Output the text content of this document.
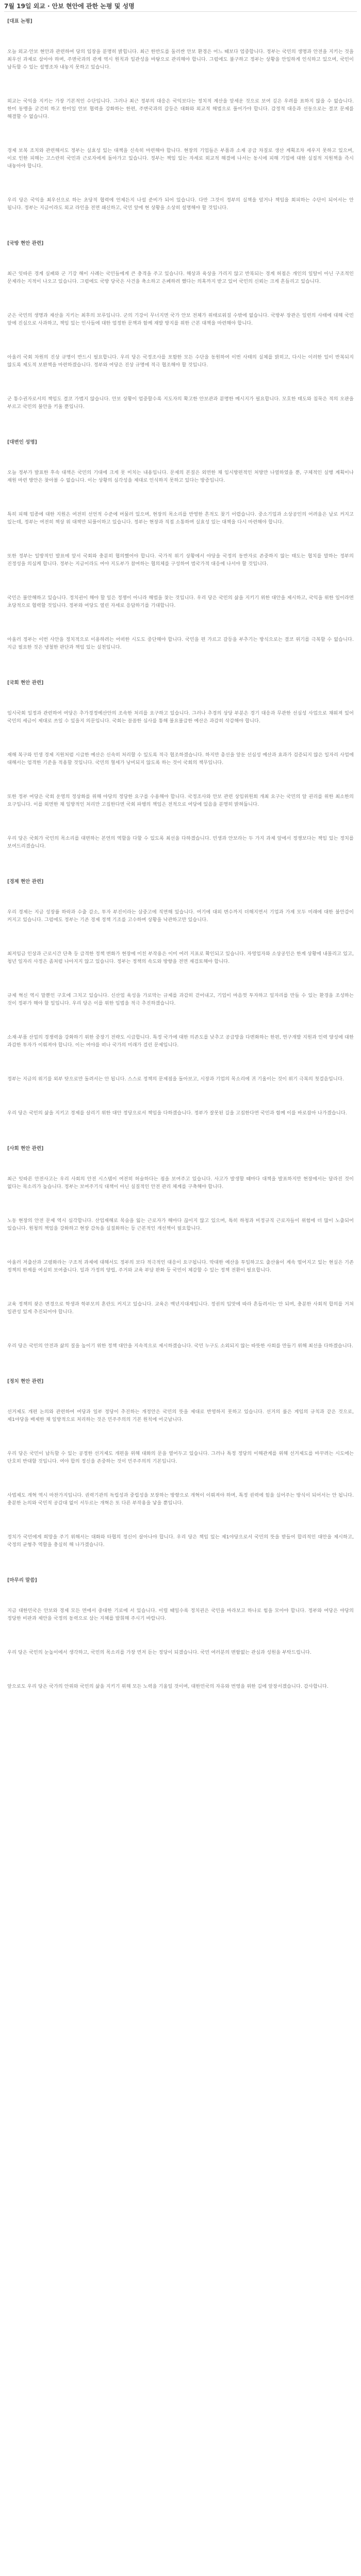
7월 19일 외교 · 안보 현안에 관한 논평 및 성명
[대표 논평]

오늘 외교·안보 현안과 관련하여 당의 입장을 분명히 밝힙니다. 최근 한반도를 둘러싼 안보 환경은 어느 때보다 엄중합니다. 정부는 국민의 생명과 안전을 지키는 것을 최우선 과제로 삼아야 하며, 주변국과의 관계 역시 원칙과 일관성을 바탕으로 관리해야 합니다. 그럼에도 불구하고 정부는 상황을 안일하게 인식하고 있으며, 국민이 납득할 수 있는 설명조차 내놓지 못하고 있습니다.

외교는 국익을 지키는 가장 기본적인 수단입니다. 그러나 최근 정부의 대응은 국익보다는 정치적 계산을 앞세운 것으로 보여 깊은 우려를 표하지 않을 수 없습니다. 한미 동맹을 굳건히 하고 한미일 안보 협력을 강화하는 한편, 주변국과의 갈등은 대화와 외교적 해법으로 풀어가야 합니다. 감정적 대응과 선동으로는 결코 문제를 해결할 수 없습니다.

경제 보복 조치와 관련해서도 정부는 실효성 있는 대책을 신속히 마련해야 합니다. 현장의 기업들은 부품과 소재 공급 차질로 생산 계획조차 세우지 못하고 있으며, 이로 인한 피해는 고스란히 국민과 근로자에게 돌아가고 있습니다. 정부는 책임 있는 자세로 외교적 해결에 나서는 동시에 피해 기업에 대한 실질적 지원책을 즉시 내놓아야 합니다.

우리 당은 국익을 최우선으로 하는 초당적 협력에 언제든지 나설 준비가 되어 있습니다. 다만 그것이 정부의 실책을 덮거나 책임을 회피하는 수단이 되어서는 안 됩니다. 정부는 지금이라도 외교 라인을 전면 쇄신하고, 국민 앞에 현 상황을 소상히 설명해야 할 것입니다.

[국방 현안 관련]

최근 잇따른 경계 실패와 군 기강 해이 사례는 국민들에게 큰 충격을 주고 있습니다. 해상과 육상을 가리지 않고 반복되는 경계 허점은 개인의 일탈이 아닌 구조적인 문제라는 지적이 나오고 있습니다. 그럼에도 국방 당국은 사건을 축소하고 은폐하려 했다는 의혹까지 받고 있어 국민의 신뢰는 크게 흔들리고 있습니다.

군은 국민의 생명과 재산을 지키는 최후의 보루입니다. 군의 기강이 무너지면 국가 안보 전체가 위태로워질 수밖에 없습니다. 국방부 장관은 일련의 사태에 대해 국민 앞에 진심으로 사과하고, 책임 있는 인사들에 대한 엄정한 문책과 함께 재발 방지를 위한 근본 대책을 마련해야 합니다.

아울러 국회 차원의 진상 규명이 반드시 필요합니다. 우리 당은 국정조사를 포함한 모든 수단을 동원하여 이번 사태의 실체를 밝히고, 다시는 이러한 일이 반복되지 않도록 제도적 보완책을 마련하겠습니다. 정부와 여당은 진상 규명에 적극 협조해야 할 것입니다.

군 통수권자로서의 책임도 결코 가볍지 않습니다. 안보 상황이 엄중할수록 지도자의 확고한 안보관과 분명한 메시지가 필요합니다. 모호한 태도와 침묵은 적의 오판을 부르고 국민의 불안을 키울 뿐입니다.

[대변인 성명]

오늘 정부가 발표한 후속 대책은 국민의 기대에 크게 못 미치는 내용입니다. 문제의 본질은 외면한 채 임시방편적인 처방만 나열하였을 뿐, 구체적인 실행 계획이나 재원 마련 방안은 찾아볼 수 없습니다. 이는 상황의 심각성을 제대로 인식하지 못하고 있다는 방증입니다.

특히 피해 업종에 대한 지원은 여전히 선언적 수준에 머물러 있으며, 현장의 목소리를 반영한 흔적도 찾기 어렵습니다. 중소기업과 소상공인의 어려움은 날로 커지고 있는데, 정부는 여전히 책상 위 대책만 되풀이하고 있습니다. 정부는 현장과 직접 소통하며 실효성 있는 대책을 다시 마련해야 합니다.

또한 정부는 일방적인 발표에 앞서 국회와 충분히 협의했어야 합니다. 국가적 위기 상황에서 야당을 국정의 동반자로 존중하지 않는 태도는 협치를 말하는 정부의 진정성을 의심케 합니다. 정부는 지금이라도 여야 지도부가 참여하는 협의체를 구성하여 범국가적 대응에 나서야 할 것입니다.

국민은 불안해하고 있습니다. 정치권이 해야 할 일은 정쟁이 아니라 해법을 찾는 것입니다. 우리 당은 국민의 삶을 지키기 위한 대안을 제시하고, 국익을 위한 일이라면 초당적으로 협력할 것입니다. 정부와 여당도 열린 자세로 응답하기를 기대합니다.

아울러 정부는 이번 사안을 정치적으로 이용하려는 어떠한 시도도 중단해야 합니다. 국민을 편 가르고 갈등을 부추기는 방식으로는 결코 위기를 극복할 수 없습니다. 지금 필요한 것은 냉철한 판단과 책임 있는 실천입니다.

[국회 현안 관련]

임시국회 일정과 관련하여 여당은 추가경정예산안의 조속한 처리를 요구하고 있습니다. 그러나 추경의 상당 부분은 경기 대응과 무관한 선심성 사업으로 채워져 있어 국민의 세금이 제대로 쓰일 수 있을지 의문입니다. 국회는 꼼꼼한 심사를 통해 불요불급한 예산은 과감히 삭감해야 합니다.

재해 복구와 민생 경제 지원처럼 시급한 예산은 신속히 처리할 수 있도록 적극 협조하겠습니다. 하지만 총선을 앞둔 선심성 예산과 효과가 검증되지 않은 일자리 사업에 대해서는 엄격한 기준을 적용할 것입니다. 국민의 혈세가 낭비되지 않도록 하는 것이 국회의 책무입니다.

또한 정부 여당은 국회 운영의 정상화를 위해 야당의 정당한 요구를 수용해야 합니다. 국정조사와 안보 관련 상임위원회 개최 요구는 국민의 알 권리를 위한 최소한의 요구입니다. 이를 외면한 채 일방적인 처리만 고집한다면 국회 파행의 책임은 전적으로 여당에 있음을 분명히 밝혀둡니다.

우리 당은 국회가 국민의 목소리를 대변하는 본연의 역할을 다할 수 있도록 최선을 다하겠습니다. 민생과 안보라는 두 가지 과제 앞에서 정쟁보다는 책임 있는 정치를 보여드리겠습니다.

[경제 현안 관련]

우리 경제는 지금 성장률 하락과 수출 감소, 투자 부진이라는 삼중고에 직면해 있습니다. 여기에 대외 변수까지 더해지면서 기업과 가계 모두 미래에 대한 불안감이 커지고 있습니다. 그럼에도 정부는 기존 경제 정책 기조를 고수하며 상황을 낙관하고만 있습니다.

최저임금 인상과 근로시간 단축 등 급격한 정책 변화가 현장에 미친 부작용은 이미 여러 지표로 확인되고 있습니다. 자영업자와 소상공인은 한계 상황에 내몰리고 있고, 청년 일자리 사정은 좀처럼 나아지지 않고 있습니다. 정부는 정책의 속도와 방향을 전면 재검토해야 합니다.

규제 혁신 역시 말뿐인 구호에 그치고 있습니다. 신산업 육성을 가로막는 규제를 과감히 걷어내고, 기업이 마음껏 투자하고 일자리를 만들 수 있는 환경을 조성하는 것이 정부가 해야 할 일입니다. 우리 당은 이를 위한 입법을 적극 추진하겠습니다.

소재·부품 산업의 경쟁력을 강화하기 위한 중장기 전략도 시급합니다. 특정 국가에 대한 의존도를 낮추고 공급망을 다변화하는 한편, 연구개발 지원과 인력 양성에 대한 과감한 투자가 이뤄져야 합니다. 이는 여야를 떠나 국가의 미래가 걸린 문제입니다.

정부는 지금의 위기를 외부 탓으로만 돌려서는 안 됩니다. 스스로 정책의 문제점을 돌아보고, 시장과 기업의 목소리에 귀 기울이는 것이 위기 극복의 첫걸음입니다.

우리 당은 국민의 삶을 지키고 경제를 살리기 위한 대안 정당으로서 책임을 다하겠습니다. 정부가 잘못된 길을 고집한다면 국민과 함께 이를 바로잡아 나가겠습니다.

[사회 현안 관련]

최근 잇따른 안전사고는 우리 사회의 안전 시스템이 여전히 허술하다는 점을 보여주고 있습니다. 사고가 발생할 때마다 대책을 발표하지만 현장에서는 달라진 것이 없다는 목소리가 높습니다. 정부는 보여주기식 대책이 아닌 실질적인 안전 관리 체계를 구축해야 합니다.

노동 현장의 안전 문제 역시 심각합니다. 산업재해로 목숨을 잃는 근로자가 해마다 끊이지 않고 있으며, 특히 하청과 비정규직 근로자들이 위험에 더 많이 노출되어 있습니다. 원청의 책임을 강화하고 현장 감독을 실질화하는 등 근본적인 개선책이 필요합니다.

아울러 저출산과 고령화라는 구조적 과제에 대해서도 정부의 보다 적극적인 대응이 요구됩니다. 막대한 예산을 투입하고도 출산율이 계속 떨어지고 있는 현실은 기존 정책의 한계를 여실히 보여줍니다. 일과 가정의 양립, 주거와 교육 부담 완화 등 국민이 체감할 수 있는 정책 전환이 필요합니다.

교육 정책의 잦은 변경으로 학생과 학부모의 혼란도 커지고 있습니다. 교육은 백년지대계입니다. 정권의 입맛에 따라 흔들려서는 안 되며, 충분한 사회적 합의를 거쳐 일관성 있게 추진되어야 합니다.

우리 당은 국민의 안전과 삶의 질을 높이기 위한 정책 대안을 지속적으로 제시하겠습니다. 국민 누구도 소외되지 않는 따뜻한 사회를 만들기 위해 최선을 다하겠습니다.

[정치 현안 관련]

선거제도 개편 논의와 관련하여 여당과 일부 정당이 추진하는 개정안은 국민의 뜻을 제대로 반영하지 못하고 있습니다. 선거의 룰은 게임의 규칙과 같은 것으로, 제1야당을 배제한 채 일방적으로 처리하는 것은 민주주의의 기본 원칙에 어긋납니다.

우리 당은 국민이 납득할 수 있는 공정한 선거제도 개편을 위해 대화의 문을 열어두고 있습니다. 그러나 특정 정당의 이해관계를 위해 선거제도를 바꾸려는 시도에는 단호히 반대할 것입니다. 여야 합의 정신을 존중하는 것이 민주주의의 기본입니다.

사법제도 개혁 역시 마찬가지입니다. 권력기관의 독립성과 중립성을 보장하는 방향으로 개혁이 이뤄져야 하며, 특정 권력에 힘을 실어주는 방식이 되어서는 안 됩니다. 충분한 논의와 국민적 공감대 없이 서두르는 개혁은 또 다른 부작용을 낳을 뿐입니다.

정치가 국민에게 희망을 주기 위해서는 대화와 타협의 정신이 살아나야 합니다. 우리 당은 책임 있는 제1야당으로서 국민의 뜻을 받들어 합리적인 대안을 제시하고, 국정의 균형추 역할을 충실히 해 나가겠습니다.

[마무리 말씀]

지금 대한민국은 안보와 경제 모든 면에서 중대한 기로에 서 있습니다. 이럴 때일수록 정치권은 국민을 바라보고 하나로 힘을 모아야 합니다. 정부와 여당은 야당의 정당한 비판과 제안을 국정의 동력으로 삼는 지혜를 발휘해 주시기 바랍니다.

우리 당은 국민의 눈높이에서 생각하고, 국민의 목소리를 가장 먼저 듣는 정당이 되겠습니다. 국민 여러분의 변함없는 관심과 성원을 부탁드립니다.

앞으로도 우리 당은 국가의 안위와 국민의 삶을 지키기 위해 모든 노력을 기울일 것이며, 대한민국의 자유와 번영을 위한 길에 앞장서겠습니다. 감사합니다.
